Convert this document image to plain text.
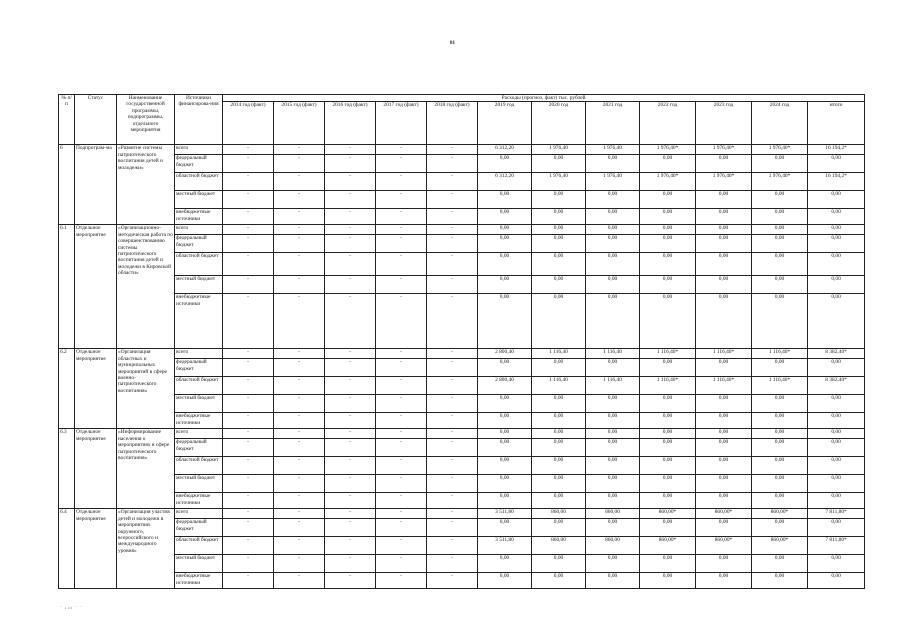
81
№ п/п	Статус	Наименование государственной программы, подпрограммы, отдельного мероприятия	Источники финансирова-ния	Расходы (прогноз, факт) тыс. рублей											
				2014 год (факт)	2015 год (факт)	2016 год (факт)	2017 год (факт)	2018 год (факт)	2019 год	2020 год	2021 год	2022 год	2023 год	2024 год	итого
6	Подпрограм-ма	«Развитие системы патриотического воспитания детей и молодежи»	всего	-	-	-	-	-	6 312,20	1 976,40	1 976,40	1 976,40*	1 976,40*	1 976,40*	16 194,2*
			федеральный бюджет	-	-	-	-	-	0,00	0,00	0,00	0,00	0,00	0,00	0,00
			областной бюджет	-	-	-	-	-	6 312,20	1 976,40	1 976,40	1 976,40*	1 976,40*	1 976,40*	16 194,2*
			местный бюджет	-	-	-	-	-	0,00	0,00	0,00	0,00	0,00	0,00	0,00
			внебюджетные источники	-	-	-	-	-	0,00	0,00	0,00	0,00	0,00	0,00	0,00
6.1	Отдельное мероприятие	«Организационно-методическая работа по совершенствованию системы патриотического воспитания детей и молодежи в Кировской области»	всего	-	-	-	-	-	0,00	0,00	0,00	0,00	0,00	0,00	0,00
			федеральный бюджет	-	-	-	-	-	0,00	0,00	0,00	0,00	0,00	0,00	0,00
			областной бюджет	-	-	-	-	-	0,00	0,00	0,00	0,00	0,00	0,00	0,00
			местный бюджет	-	-	-	-	-	0,00	0,00	0,00	0,00	0,00	0,00	0,00
			внебюджетные источники	-	-	-	-	-	0,00	0,00	0,00	0,00	0,00	0,00	0,00
6.2	Отдельное мероприятие	«Организация областных и муниципальных мероприятий в сфере военно-патриотического воспитания»	всего	-	-	-	-	-	2 800,40	1 116,40	1 116,40	1 116,40*	1 116,40*	1 116,40*	8 382,40*
			федеральный бюджет	-	-	-	-	-	0,00	0,00	0,00	0,00	0,00	0,00	0,00
			областной бюджет	-	-	-	-	-	2 800,40	1 116,40	1 116,40	1 116,40*	1 116,40*	1 116,40*	8 382,40*
			местный бюджет	-	-	-	-	-	0,00	0,00	0,00	0,00	0,00	0,00	0,00
			внебюджетные источники	-	-	-	-	-	0,00	0,00	0,00	0,00	0,00	0,00	0,00
6.3	Отдельное мероприятие	«Информирование населения о мероприятиях в сфере патриотического воспитания»	всего	-	-	-	-	-	0,00	0,00	0,00	0,00	0,00	0,00	0,00
			федеральный бюджет	-	-	-	-	-	0,00	0,00	0,00	0,00	0,00	0,00	0,00
			областной бюджет	-	-	-	-	-	0,00	0,00	0,00	0,00	0,00	0,00	0,00
			местный бюджет	-	-	-	-	-	0,00	0,00	0,00	0,00	0,00	0,00	0,00
			внебюджетные источники	-	-	-	-	-	0,00	0,00	0,00	0,00	0,00	0,00	0,00
6.4	Отдельное мероприятие	«Организация участия детей и молодежи в мероприятиях окружного, всероссийского и международного уровня»	всего	-	-	-	-	-	3 511,80	860,00	860,00	860,00*	860,00*	860,00*	7 811,80*
			федеральный бюджет	-	-	-	-	-	0,00	0,00	0,00	0,00	0,00	0,00	0,00
			областной бюджет	-	-	-	-	-	3 511,80	860,00	860,00	860,00*	860,00*	860,00*	7 811,80*
			местный бюджет	-	-	-	-	-	0,00	0,00	0,00	0,00	0,00	0,00	0,00
			внебюджетные источники	-	-	-	-	-	0,00	0,00	0,00	0,00	0,00	0,00	0,00
· ₁₁₆ · ·
